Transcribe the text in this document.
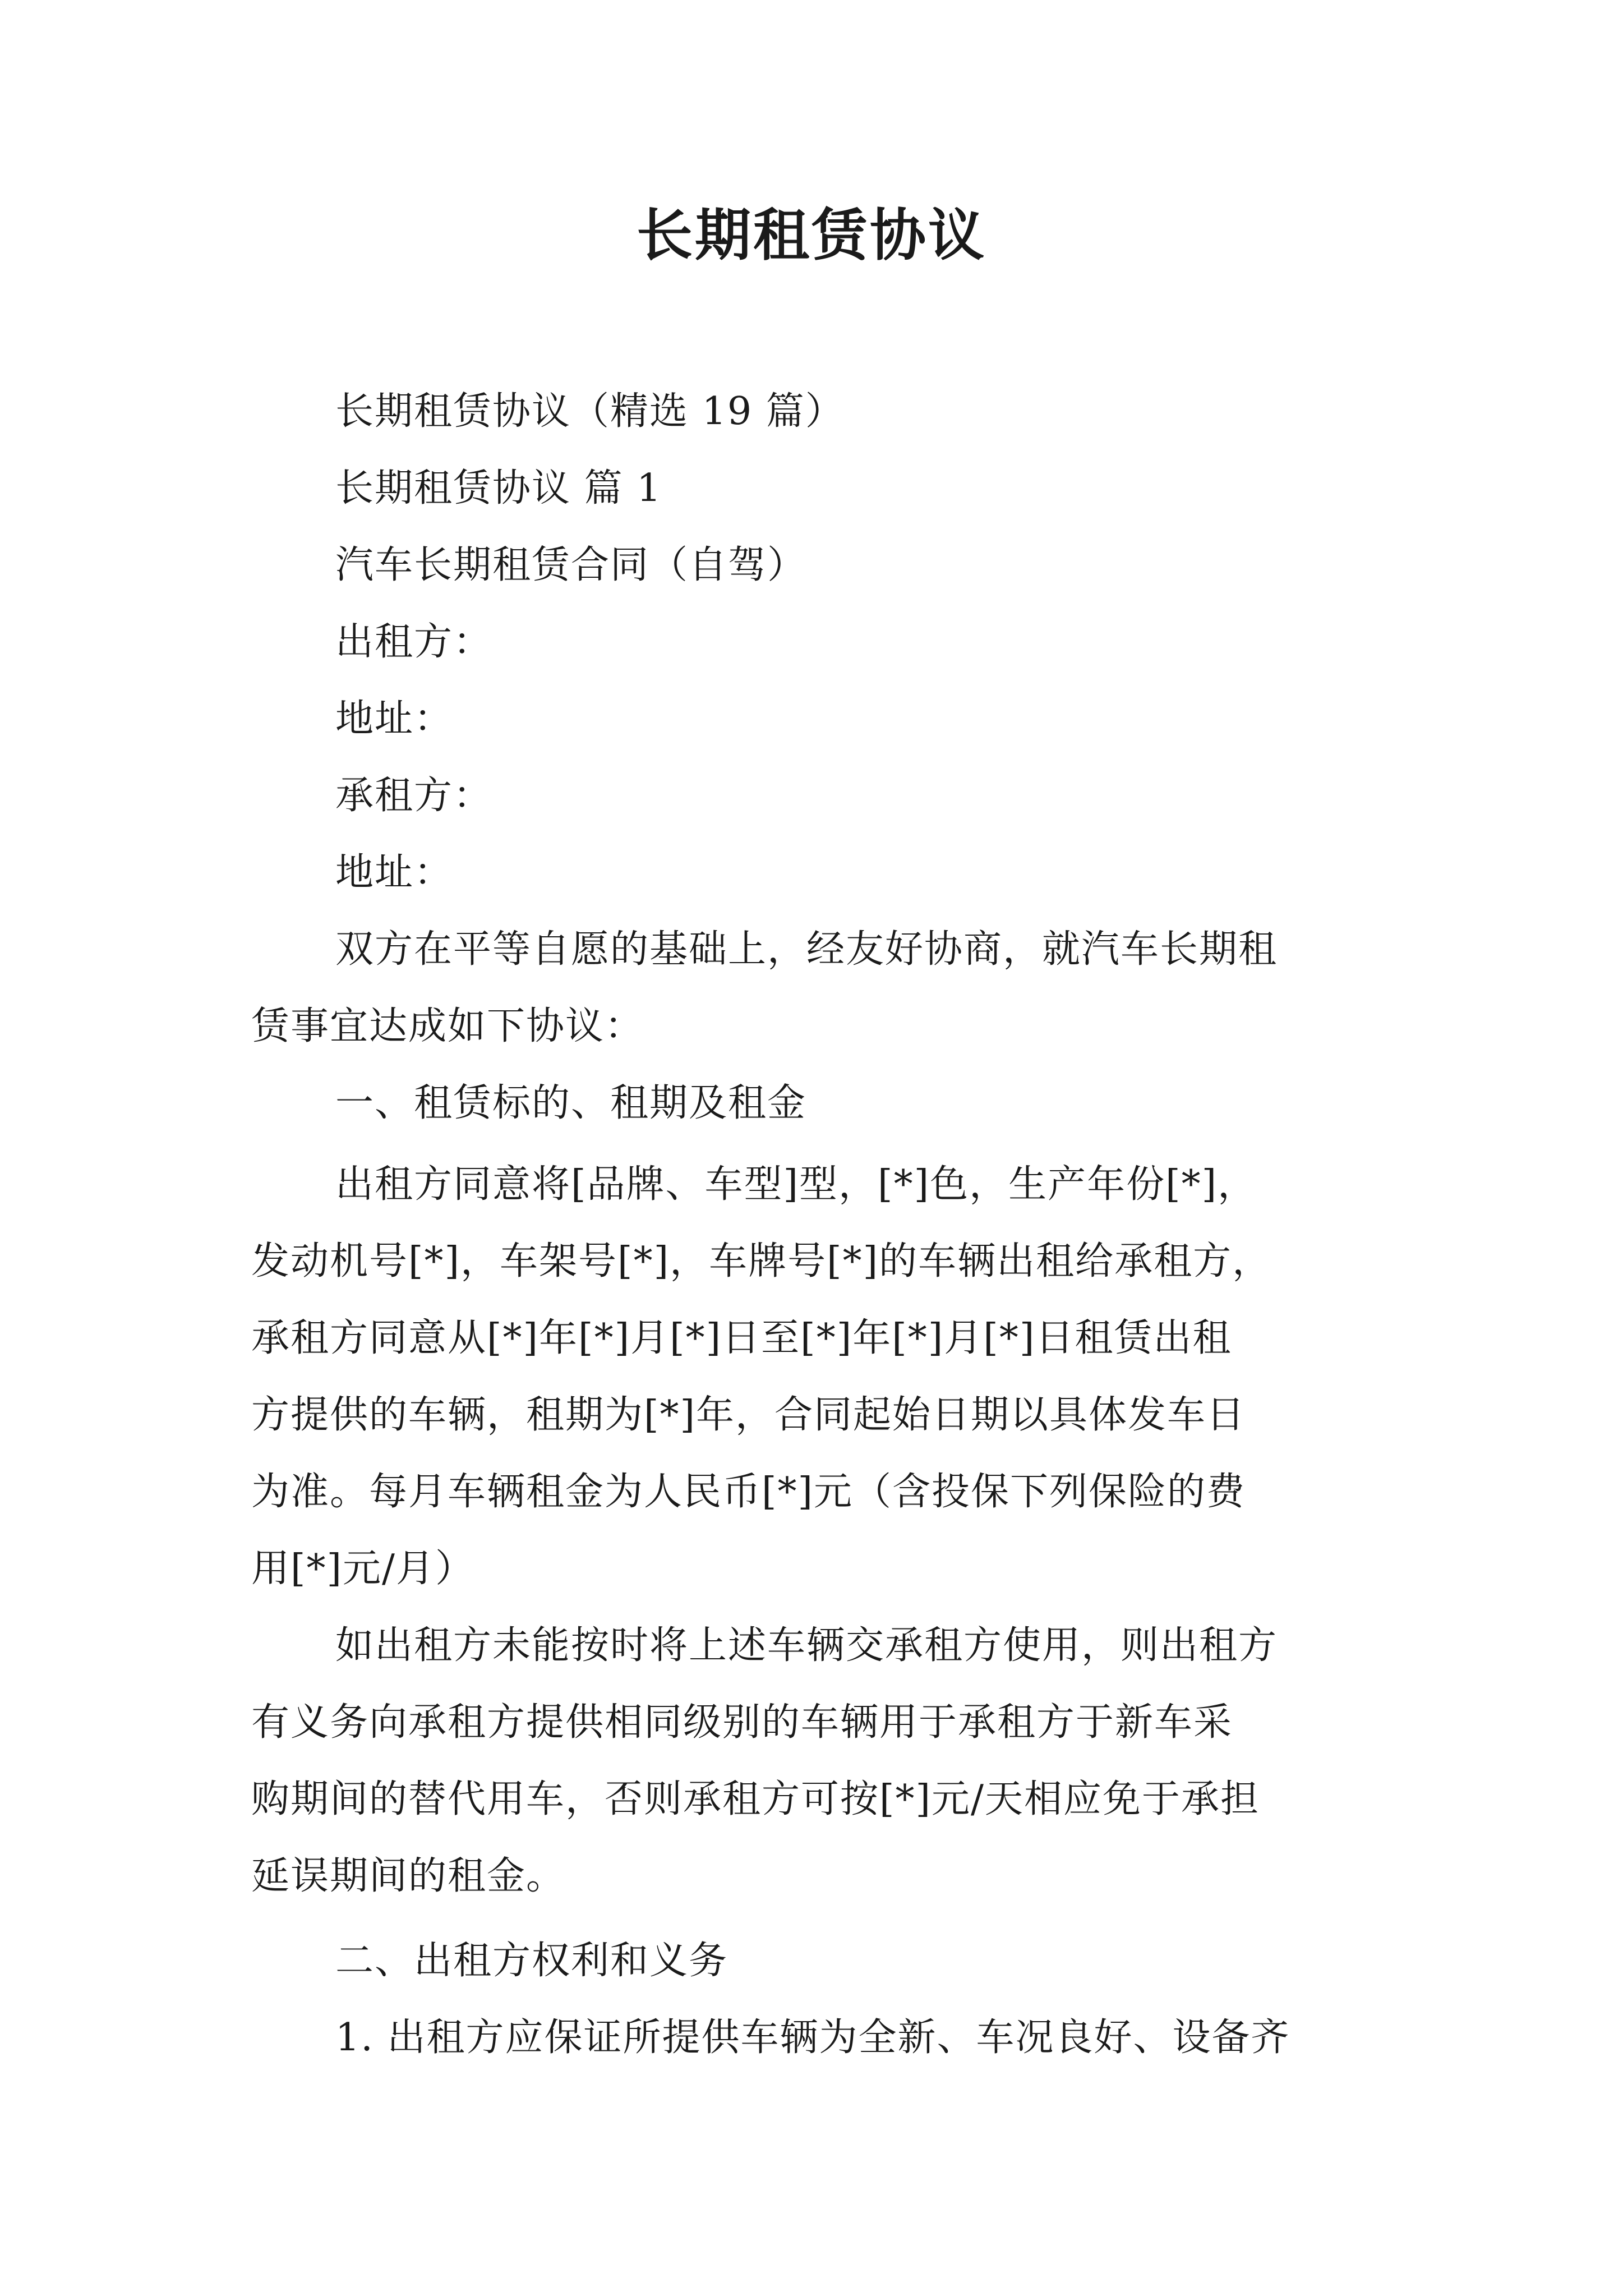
长期租赁协议

长期租赁协议（精选 19 篇）

长期租赁协议 篇 1

汽车长期租赁合同（自驾）

出租方：

地址：

承租方：

地址：

双方在平等自愿的基础上，经友好协商，就汽车长期租

赁事宜达成如下协议：

一、租赁标的、租期及租金

出租方同意将[品牌、车型]型，[*]色，生产年份[*]，

发动机号[*]，车架号[*]，车牌号[*]的车辆出租给承租方，

承租方同意从[*]年[*]月[*]日至[*]年[*]月[*]日租赁出租

方提供的车辆，租期为[*]年，合同起始日期以具体发车日

为准。每月车辆租金为人民币[*]元（含投保下列保险的费

用[*]元/月）

如出租方未能按时将上述车辆交承租方使用，则出租方

有义务向承租方提供相同级别的车辆用于承租方于新车采

购期间的替代用车，否则承租方可按[*]元/天相应免于承担

延误期间的租金。

二、出租方权利和义务

1. 出租方应保证所提供车辆为全新、车况良好、设备齐
